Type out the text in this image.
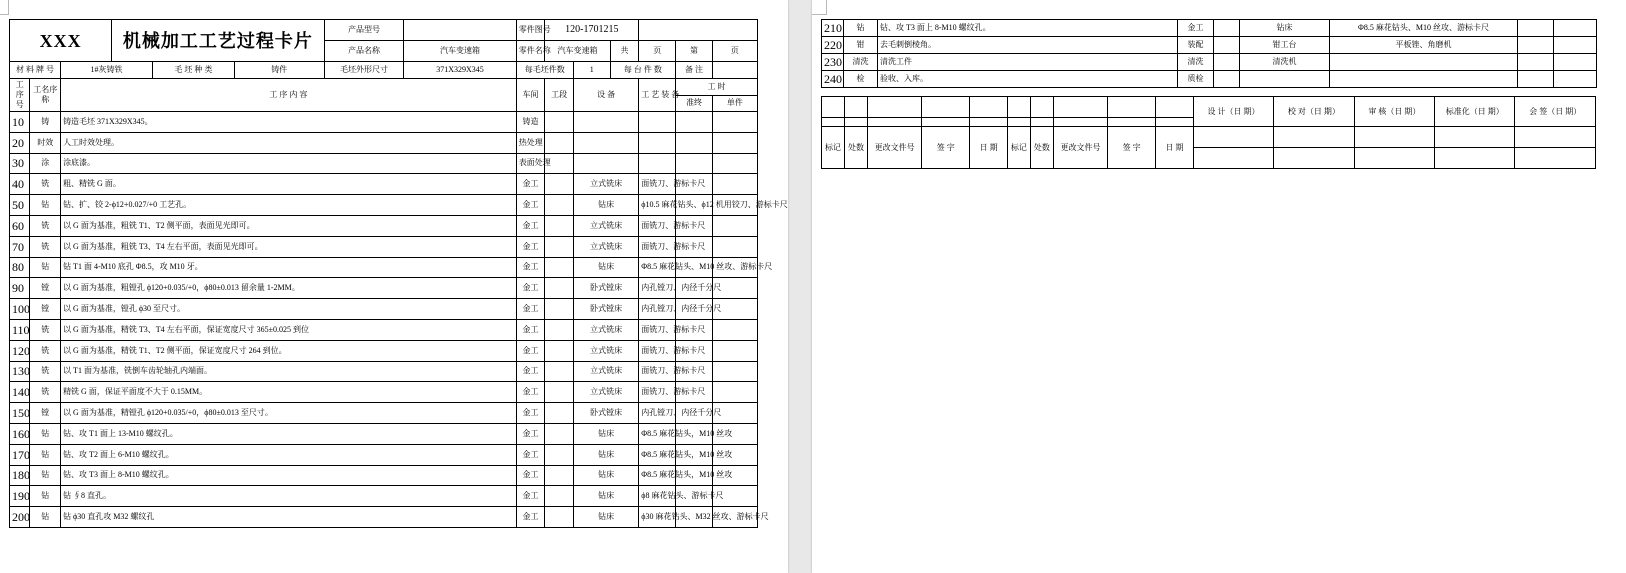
XXX			机械加工工艺过程卡片			产品型号		零件图号	120-1701215					
						产品名称	汽车变速箱	零件名称	汽车变速箱		共	页	第	页
材 料 牌 号		1#灰铸铁		毛 坯 种 类	铸件	毛坯外形尺寸	371X329X345	每毛坯件数		1	每 台 件 数		备 注	
工序号	工名序称	工 序 内 容						车间	工段	设 备		工 艺 装 备	工 时	
													准终	单件
10	铸	铸造毛坯 371X329X345。						铸造						
20	时效	人工时效处理。						热处理						
30	涂	涂底漆。						表面处理						
40	铣	粗、精铣 G 面。						金工		立式铣床		面铣刀、游标卡尺		
50	钻	钻、扩、铰 2-ϕ12+0.027/+0 工艺孔。						金工		钻床		ϕ10.5 麻花钻头、ϕ12 机用铰刀、游标卡尺		
60	铣	以 G 面为基准，粗铣 T1、T2 侧平面，表面见光即可。						金工		立式铣床		面铣刀、游标卡尺		
70	铣	以 G 面为基准，粗铣 T3、T4 左右平面，表面见光即可。						金工		立式铣床		面铣刀、游标卡尺		
80	钻	钻 T1 面 4-M10 底孔 Φ8.5，攻 M10 牙。						金工		钻床		Φ8.5 麻花钻头、M10 丝攻、游标卡尺		
90	镗	以 G 面为基准，粗镗孔 ϕ120+0.035/+0，ϕ80±0.013 留余量 1-2MM。						金工		卧式镗床		内孔镗刀、内径千分尺		
100	镗	以 G 面为基准，镗孔 ϕ30 至尺寸。						金工		卧式镗床		内孔镗刀、内径千分尺		
110	铣	以 G 面为基准，精铣 T3、T4 左右平面，保证宽度尺寸 365±0.025 到位						金工		立式铣床		面铣刀、游标卡尺		
120	铣	以 G 面为基准，精铣 T1、T2 侧平面，保证宽度尺寸 264 到位。						金工		立式铣床		面铣刀、游标卡尺		
130	铣	以 T1 面为基准，铣倒车齿轮轴孔内端面。						金工		立式铣床		面铣刀、游标卡尺		
140	铣	精铣 G 面，保证平面度不大于 0.15MM。						金工		立式铣床		面铣刀、游标卡尺		
150	镗	以 G 面为基准，精镗孔 ϕ120+0.035/+0，ϕ80±0.013 至尺寸。						金工		卧式镗床		内孔镗刀、内径千分尺		
160	钻	钻、攻 T1 面上 13-M10 螺纹孔。						金工		钻床		Φ8.5 麻花钻头，M10 丝攻		
170	钻	钻、攻 T2 面上 6-M10 螺纹孔。						金工		钻床		Φ8.5 麻花钻头，M10 丝攻		
180	钻	钻、攻 T3 面上 8-M10 螺纹孔。						金工		钻床		Φ8.5 麻花钻头，M10 丝攻		
190	钻	钻 ∮8 直孔。						金工		钻床		ϕ8 麻花钻头、游标卡尺		
200	钻	钻 ϕ30 直孔攻 M32 螺纹孔						金工		钻床		ϕ30 麻花钻头、M32 丝攻、游标卡尺		
210	钻	钻、攻 T3 面上 8-M10 螺纹孔。	金工		钻床	Φ8.5 麻花钻头、M10 丝攻、游标卡尺		
220	钳	去毛刺倒棱角。	装配		钳工台	平板锉、角磨机		
230	清洗	清洗工件	清洗		清洗机			
240	检	验收、入库。	质检					
										设 计（日 期）	校 对（日 期）	审 核（日 期）	标准化（日 期）	会 签（日 期）

标记	处数	更改文件号	签 字	日 期	标记	处数	更改文件号	签 字	日 期					
